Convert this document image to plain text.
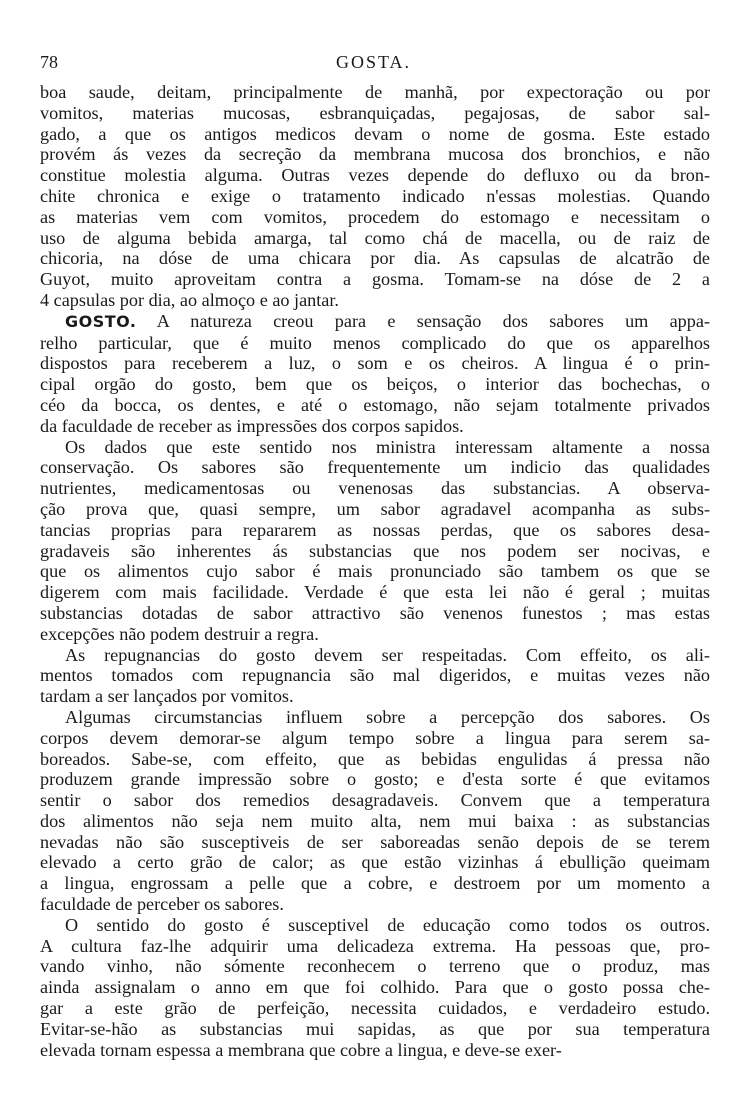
78	GOSTA.

boa saude, deitam, principalmente de manhã, por expectoração ou por
vomitos, materias mucosas, esbranquiçadas, pegajosas, de sabor sal-
gado, a que os antigos medicos devam o nome de gosma. Este estado
provém ás vezes da secreção da membrana mucosa dos bronchios, e não
constitue molestia alguma. Outras vezes depende do defluxo ou da bron-
chite chronica e exige o tratamento indicado n'essas molestias. Quando
as materias vem com vomitos, procedem do estomago e necessitam o
uso de alguma bebida amarga, tal como chá de macella, ou de raiz de
chicoria, na dóse de uma chicara por dia. As capsulas de alcatrão de
Guyot, muito aproveitam contra a gosma. Tomam-se na dóse de 2 a
4 capsulas por dia, ao almoço e ao jantar.

GOSTO. A natureza creou para e sensação dos sabores um appa-
relho particular, que é muito menos complicado do que os apparelhos
dispostos para receberem a luz, o som e os cheiros. A lingua é o prin-
cipal orgão do gosto, bem que os beiços, o interior das bochechas, o
céo da bocca, os dentes, e até o estomago, não sejam totalmente privados
da faculdade de receber as impressões dos corpos sapidos.

Os dados que este sentido nos ministra interessam altamente a nossa
conservação. Os sabores são frequentemente um indicio das qualidades
nutrientes, medicamentosas ou venenosas das substancias. A observa-
ção prova que, quasi sempre, um sabor agradavel acompanha as subs-
tancias proprias para repararem as nossas perdas, que os sabores desa-
gradaveis são inherentes ás substancias que nos podem ser nocivas, e
que os alimentos cujo sabor é mais pronunciado são tambem os que se
digerem com mais facilidade. Verdade é que esta lei não é geral ; muitas
substancias dotadas de sabor attractivo são venenos funestos ; mas estas
excepções não podem destruir a regra.

As repugnancias do gosto devem ser respeitadas. Com effeito, os ali-
mentos tomados com repugnancia são mal digeridos, e muitas vezes não
tardam a ser lançados por vomitos.

Algumas circumstancias influem sobre a percepção dos sabores. Os
corpos devem demorar-se algum tempo sobre a lingua para serem sa-
boreados. Sabe-se, com effeito, que as bebidas engulidas á pressa não
produzem grande impressão sobre o gosto; e d'esta sorte é que evitamos
sentir o sabor dos remedios desagradaveis. Convem que a temperatura
dos alimentos não seja nem muito alta, nem mui baixa : as substancias
nevadas não são susceptiveis de ser saboreadas senão depois de se terem
elevado a certo grão de calor; as que estão vizinhas á ebullição queimam
a lingua, engrossam a pelle que a cobre, e destroem por um momento a
faculdade de perceber os sabores.

O sentido do gosto é susceptivel de educação como todos os outros.
A cultura faz-lhe adquirir uma delicadeza extrema. Ha pessoas que, pro-
vando vinho, não sómente reconhecem o terreno que o produz, mas
ainda assignalam o anno em que foi colhido. Para que o gosto possa che-
gar a este grão de perfeição, necessita cuidados, e verdadeiro estudo.
Evitar-se-hão as substancias mui sapidas, as que por sua temperatura
elevada tornam espessa a membrana que cobre a lingua, e deve-se exer-
